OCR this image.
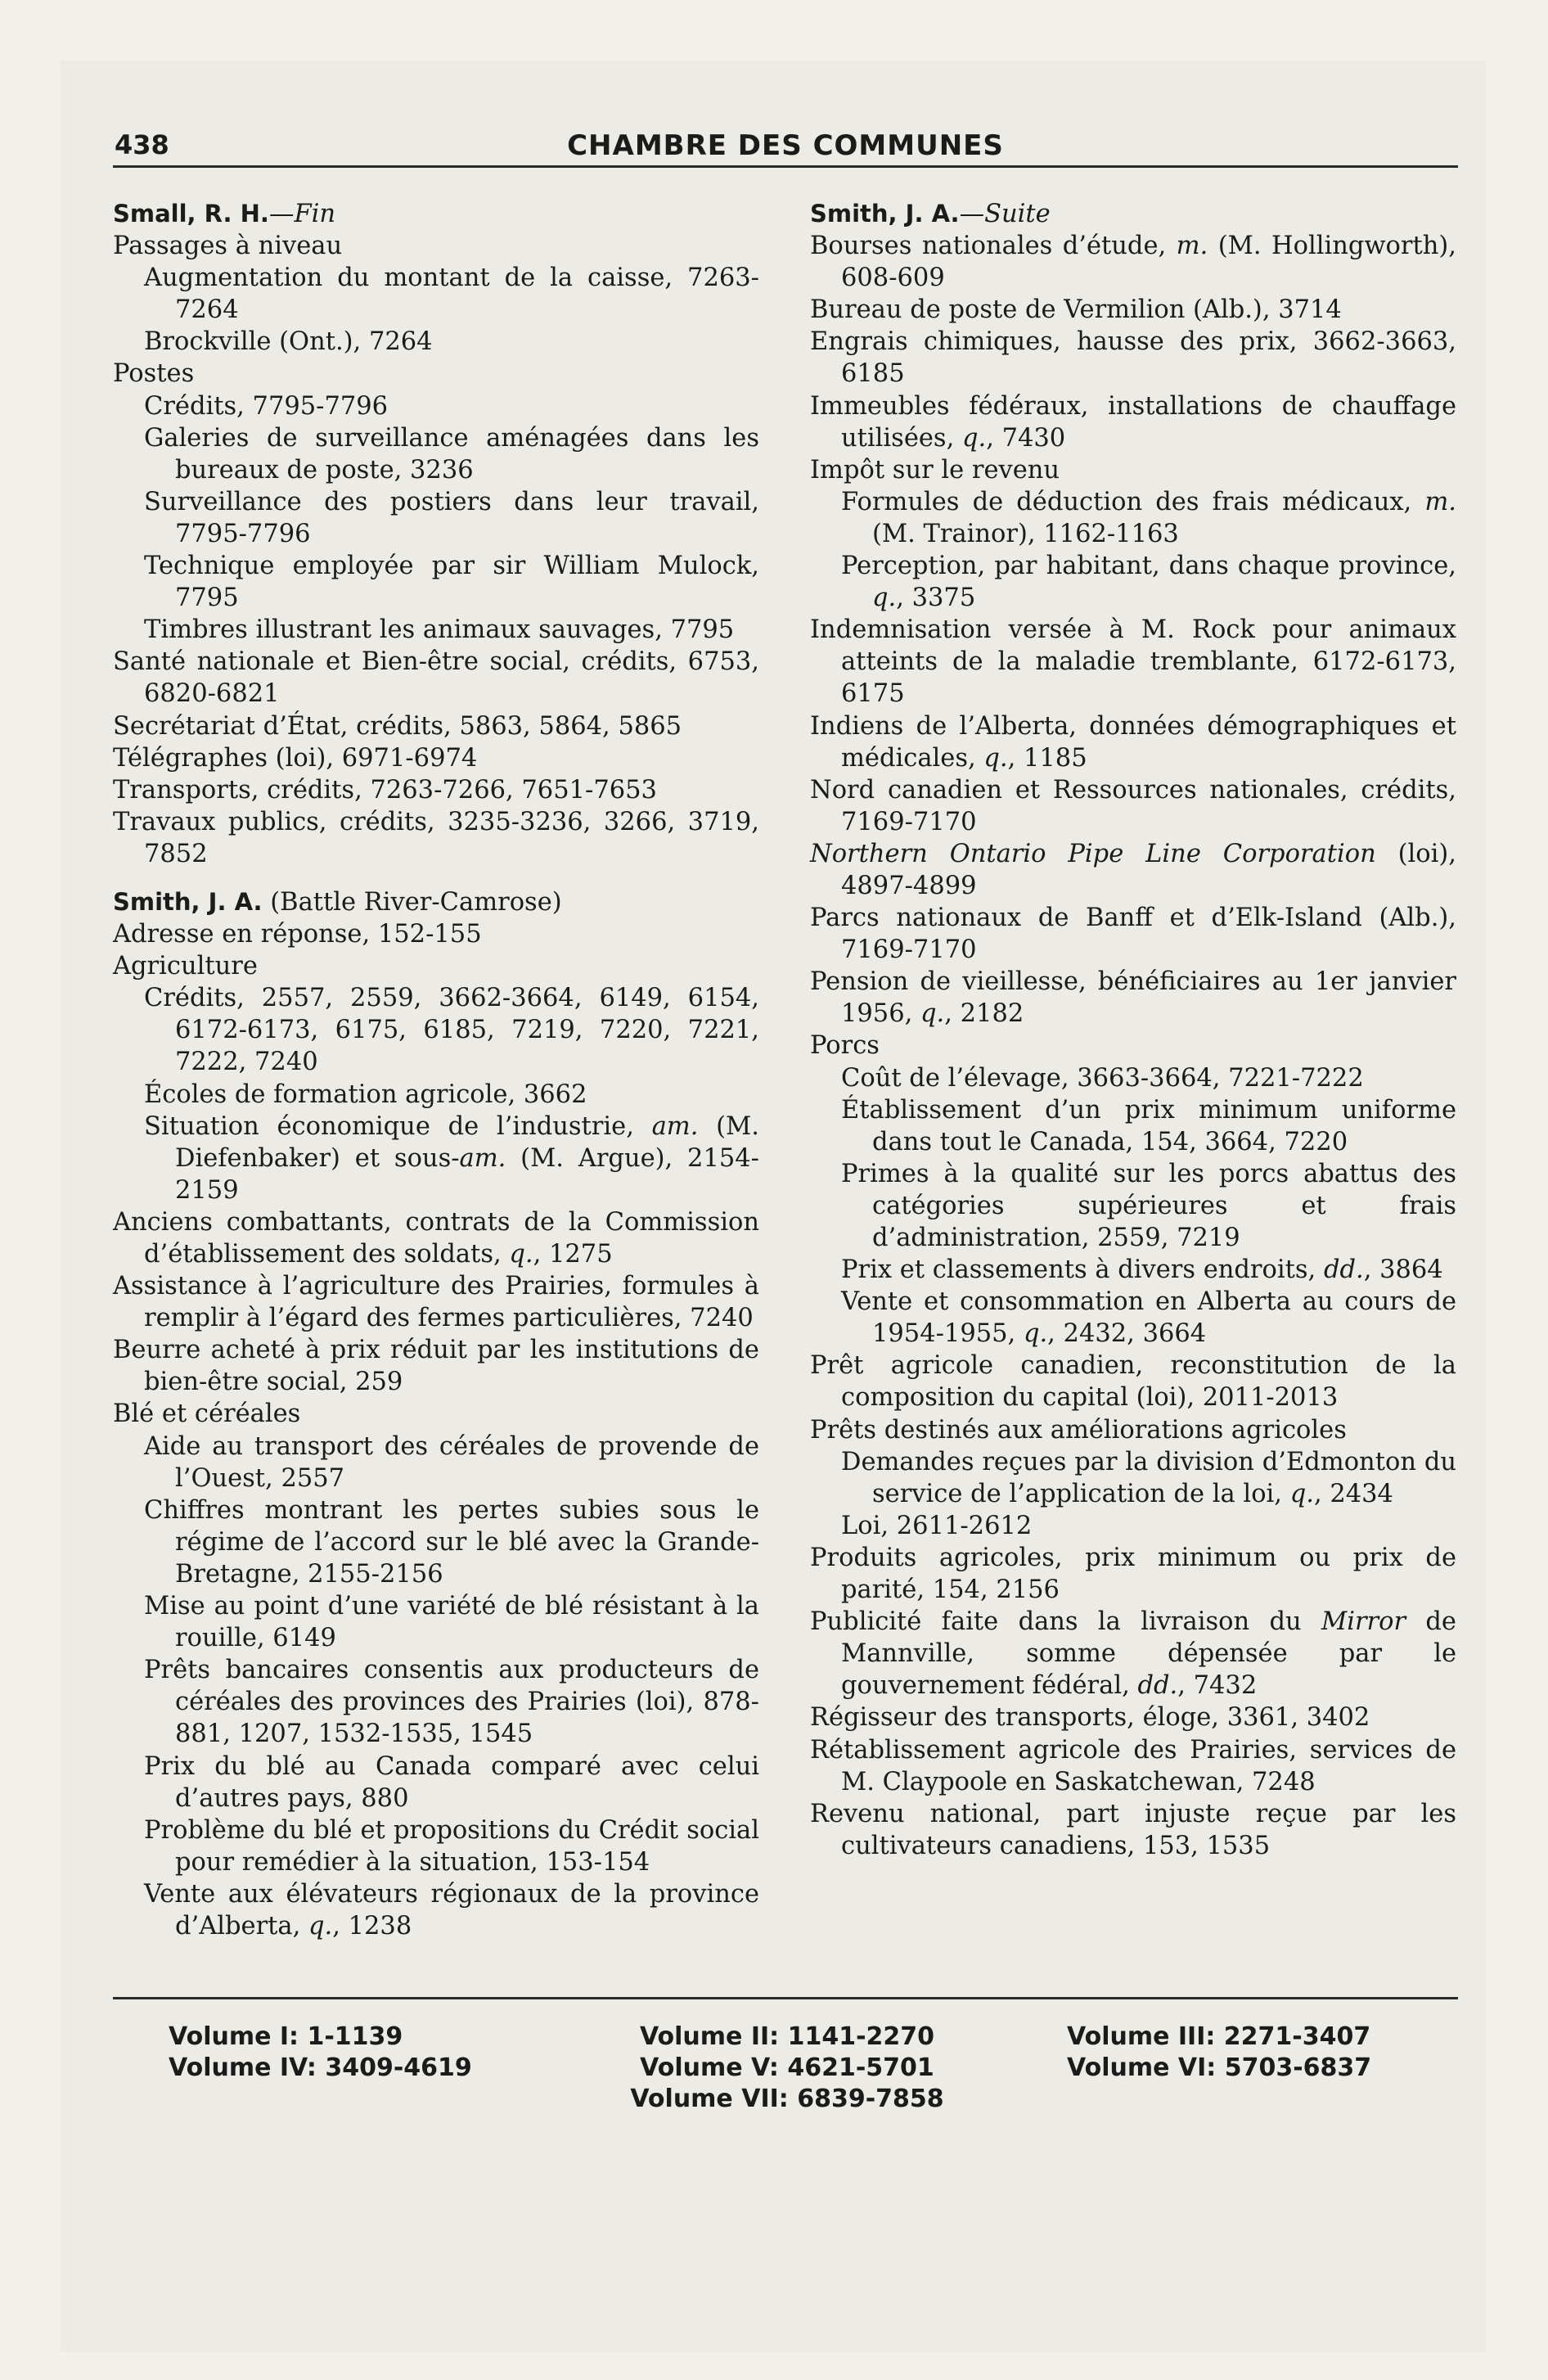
438	CHAMBRE DES COMMUNES

Small, R. H.—Fin

Passages à niveau

Augmentation du montant de la caisse, 7263-7264

Brockville (Ont.), 7264

Postes

Crédits, 7795-7796

Galeries de surveillance aménagées dans les bureaux de poste, 3236

Surveillance des postiers dans leur travail, 7795-7796

Technique employée par sir William Mulock, 7795

Timbres illustrant les animaux sauvages, 7795

Santé nationale et Bien-être social, crédits, 6753, 6820-6821

Secrétariat d’État, crédits, 5863, 5864, 5865

Télégraphes (loi), 6971-6974

Transports, crédits, 7263-7266, 7651-7653

Travaux publics, crédits, 3235-3236, 3266, 3719, 7852

Smith, J. A. (Battle River-Camrose)

Adresse en réponse, 152-155

Agriculture

Crédits, 2557, 2559, 3662-3664, 6149, 6154, 6172-6173, 6175, 6185, 7219, 7220, 7221, 7222, 7240

Écoles de formation agricole, 3662

Situation économique de l’industrie, am. (M. Diefenbaker) et sous-am. (M. Argue), 2154-2159

Anciens combattants, contrats de la Commission d’établissement des soldats, q., 1275

Assistance à l’agriculture des Prairies, formules à remplir à l’égard des fermes particulières, 7240

Beurre acheté à prix réduit par les institutions de bien-être social, 259

Blé et céréales

Aide au transport des céréales de provende de l’Ouest, 2557

Chiffres montrant les pertes subies sous le régime de l’accord sur le blé avec la Grande-Bretagne, 2155-2156

Mise au point d’une variété de blé résistant à la rouille, 6149

Prêts bancaires consentis aux producteurs de céréales des provinces des Prairies (loi), 878-881, 1207, 1532-1535, 1545

Prix du blé au Canada comparé avec celui d’autres pays, 880

Problème du blé et propositions du Crédit social pour remédier à la situation, 153-154

Vente aux élévateurs régionaux de la province d’Alberta, q., 1238

Smith, J. A.—Suite

Bourses nationales d’étude, m. (M. Hollingworth), 608-609

Bureau de poste de Vermilion (Alb.), 3714

Engrais chimiques, hausse des prix, 3662-3663, 6185

Immeubles fédéraux, installations de chauffage utilisées, q., 7430

Impôt sur le revenu

Formules de déduction des frais médicaux, m. (M. Trainor), 1162-1163

Perception, par habitant, dans chaque province, q., 3375

Indemnisation versée à M. Rock pour animaux atteints de la maladie tremblante, 6172-6173, 6175

Indiens de l’Alberta, données démographiques et médicales, q., 1185

Nord canadien et Ressources nationales, crédits, 7169-7170

Northern Ontario Pipe Line Corporation (loi), 4897-4899

Parcs nationaux de Banff et d’Elk-Island (Alb.), 7169-7170

Pension de vieillesse, bénéficiaires au 1er janvier 1956, q., 2182

Porcs

Coût de l’élevage, 3663-3664, 7221-7222

Établissement d’un prix minimum uniforme dans tout le Canada, 154, 3664, 7220

Primes à la qualité sur les porcs abattus des catégories supérieures et frais d’administration, 2559, 7219

Prix et classements à divers endroits, dd., 3864

Vente et consommation en Alberta au cours de 1954-1955, q., 2432, 3664

Prêt agricole canadien, reconstitution de la composition du capital (loi), 2011-2013

Prêts destinés aux améliorations agricoles

Demandes reçues par la division d’Edmonton du service de l’application de la loi, q., 2434

Loi, 2611-2612

Produits agricoles, prix minimum ou prix de parité, 154, 2156

Publicité faite dans la livraison du Mirror de Mannville, somme dépensée par le gouvernement fédéral, dd., 7432

Régisseur des transports, éloge, 3361, 3402

Rétablissement agricole des Prairies, services de M. Claypoole en Saskatchewan, 7248

Revenu national, part injuste reçue par les cultivateurs canadiens, 153, 1535

Volume I: 1-1139
Volume IV: 3409-4619
Volume II: 1141-2270
Volume V: 4621-5701
Volume VII: 6839-7858
Volume III: 2271-3407
Volume VI: 5703-6837
